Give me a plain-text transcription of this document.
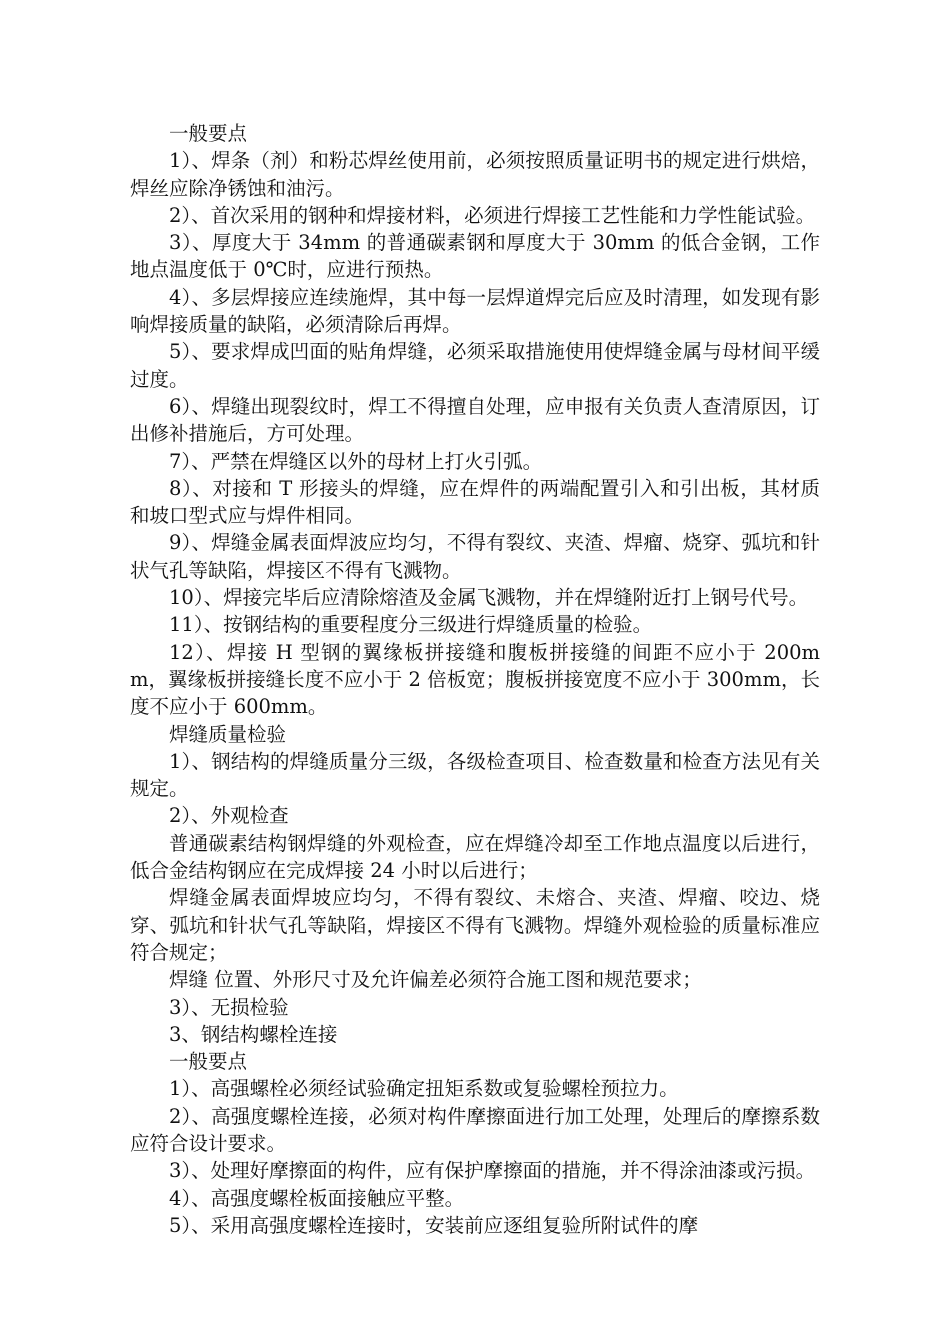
一般要点

1）、焊条（剂）和粉芯焊丝使用前，必须按照质量证明书的规定进行烘焙，焊丝应除净锈蚀和油污。

2）、首次采用的钢种和焊接材料，必须进行焊接工艺性能和力学性能试验。

3）、厚度大于 34mm 的普通碳素钢和厚度大于 30mm 的低合金钢，工作地点温度低于 0℃时，应进行预热。

4）、多层焊接应连续施焊，其中每一层焊道焊完后应及时清理，如发现有影响焊接质量的缺陷，必须清除后再焊。

5）、要求焊成凹面的贴角焊缝，必须采取措施使用使焊缝金属与母材间平缓过度。

6）、焊缝出现裂纹时，焊工不得擅自处理，应申报有关负责人查清原因，订出修补措施后，方可处理。

7）、严禁在焊缝区以外的母材上打火引弧。

8）、对接和 T 形接头的焊缝，应在焊件的两端配置引入和引出板，其材质和坡口型式应与焊件相同。

9）、焊缝金属表面焊波应均匀，不得有裂纹、夹渣、焊瘤、烧穿、弧坑和针状气孔等缺陷，焊接区不得有飞溅物。

10）、焊接完毕后应清除熔渣及金属飞溅物，并在焊缝附近打上钢号代号。

11）、按钢结构的重要程度分三级进行焊缝质量的检验。

12）、焊接 H 型钢的翼缘板拼接缝和腹板拼接缝的间距不应小于 200mm，翼缘板拼接缝长度不应小于 2 倍板宽；腹板拼接宽度不应小于 300mm，长度不应小于 600mm。

焊缝质量检验

1）、钢结构的焊缝质量分三级，各级检查项目、检查数量和检查方法见有关规定。

2）、外观检查

普通碳素结构钢焊缝的外观检查，应在焊缝冷却至工作地点温度以后进行，低合金结构钢应在完成焊接 24 小时以后进行；

焊缝金属表面焊坡应均匀，不得有裂纹、未熔合、夹渣、焊瘤、咬边、烧穿、弧坑和针状气孔等缺陷，焊接区不得有飞溅物。焊缝外观检验的质量标准应符合规定；

焊缝 位置、外形尺寸及允许偏差必须符合施工图和规范要求；

3）、无损检验

3、钢结构螺栓连接

一般要点

1）、高强螺栓必须经试验确定扭矩系数或复验螺栓预拉力。

2）、高强度螺栓连接，必须对构件摩擦面进行加工处理，处理后的摩擦系数应符合设计要求。

3）、处理好摩擦面的构件，应有保护摩擦面的措施，并不得涂油漆或污损。

4）、高强度螺栓板面接触应平整。

5）、采用高强度螺栓连接时，安装前应逐组复验所附试件的摩
